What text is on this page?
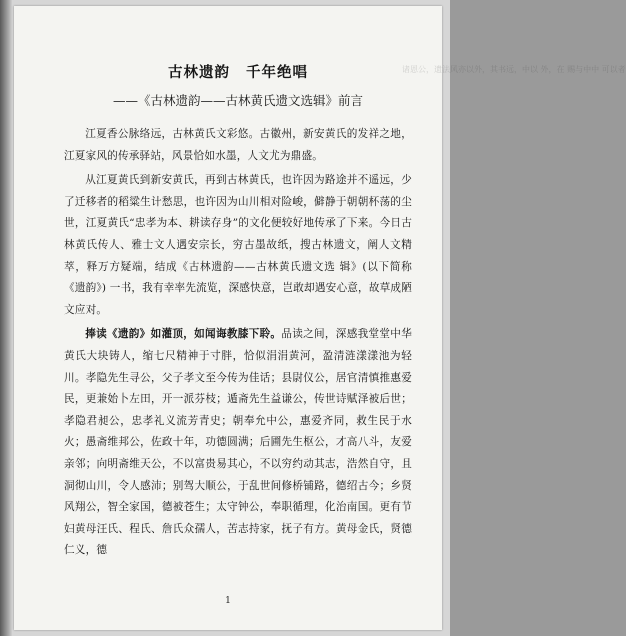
诸恩公，遗法风亦以外，其书远，中以 外，在 赐与中中 可以者
古林遗韵 千年绝唱
——《古林遗韵——古林黄氏遗文选辑》前言

江夏香公脉络远，古林黄氏文彩悠。古徽州，新安黄氏的发祥之地，江夏家风的传承驿站，风景恰如水墨，人文尤为鼎盛。

从江夏黄氏到新安黄氏，再到古林黄氏，也许因为路途并不遥远，少了迁移者的稻粱生计愁思，也许因为山川相对险峻，僻静于朝朝杯荡的尘世，江夏黄氏“忠孝为本、耕读存身”的文化便较好地传承了下来。今日古林黄氏传人、雅士文人遇安宗长，穷古墨故纸，搜古林遗文，阐人文精萃，释万方疑端，结成《古林遗韵——古林黄氏遗文选 辑》(以下简称《遗韵》) 一书，我有幸率先流览，深感快意，岂敢却遇安心意，故草成陋文应对。

捧读《遗韵》如灌顶，如闻诲教膝下聆。品读之间，深感我堂堂中华黄氏大块铸人，缩七尺精神于寸胖，恰似涓涓黄河，盈清涟漾漾池为轻川。孝隐先生寻公，父子孝文至今传为佳话；县尉仪公，居官清慎推惠爱民，更兼始卜左田，开一派芬枝；遁斋先生益谦公，传世诗赋泽被后世；孝隐君昶公，忠孝礼义流芳青史；朝奉允中公，惠爱齐同，救生民于水火；愚斋维邦公，佐政十年，功德圆满；后圃先生枢公，才高八斗，友爱亲邻；向明斋维天公，不以富贵易其心，不以穷约动其志，浩然自守，且洞彻山川，令人感沛；别驾大顺公，于乱世间修桥铺路，德绍古今；乡贤风翔公，智全家国，德被苍生；太守钟公，奉职循理，化治南国。更有节妇黄母汪氏、程氏、詹氏众孺人，苦志持家，抚子有方。黄母金氏，贤德仁义，德

1
